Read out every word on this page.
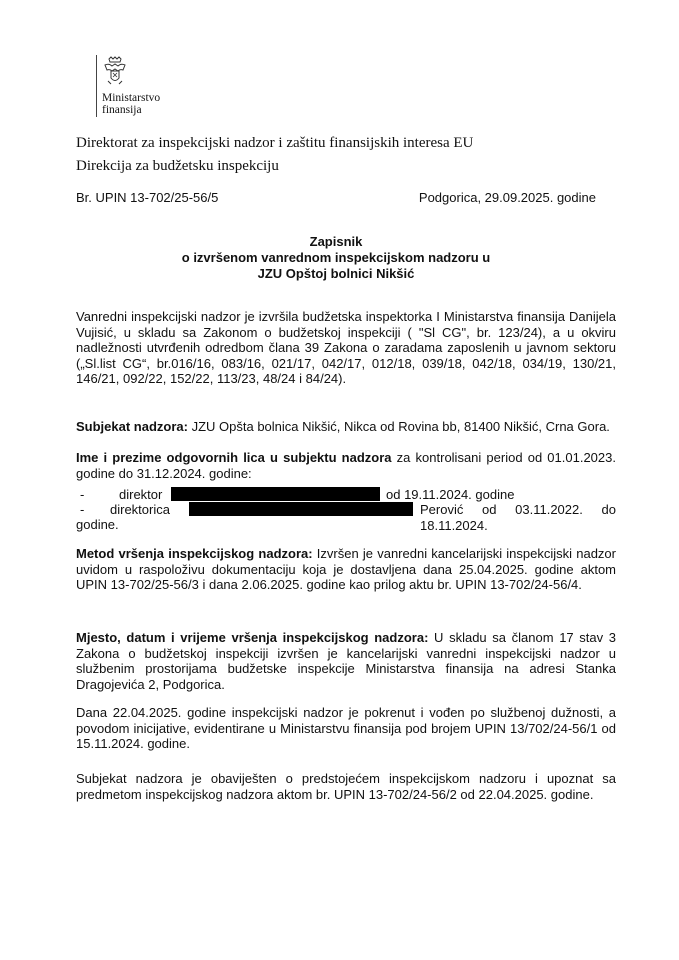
Ministarstvo
finansija
Direktorat za inspekcijski nadzor i zaštitu finansijskih interesa EU
Direkcija za budžetsku inspekciju
Br. UPIN 13-702/25-56/5	Podgorica, 29.09.2025. godine
Zapisnik
o izvršenom vanrednom inspekcijskom nadzoru u
JZU Opštoj bolnici Nikšić
Vanredni inspekcijski nadzor je izvršila budžetska inspektorka I Ministarstva finansija Danijela Vujisić, u skladu sa Zakonom o budžetskoj inspekciji ( "Sl CG", br. 123/24), a u okviru nadležnosti utvrđenih odredbom člana 39 Zakona o zaradama zaposlenih u javnom sektoru („Sl.list CG“, br.016/16, 083/16, 021/17, 042/17, 012/18, 039/18, 042/18, 034/19, 130/21, 146/21, 092/22, 152/22, 113/23, 48/24 i 84/24).
Subjekat nadzora: JZU Opšta bolnica Nikšić, Nikca od Rovina bb, 81400 Nikšić, Crna Gora.
Ime i prezime odgovornih lica u subjektu nadzora za kontrolisani period od 01.01.2023. godine do 31.12.2024. godine:
-	direktor	od 19.11.2024. godine
- direktorica	Perović od 03.11.2022. do 18.11.2024.
godine.
Metod vršenja inspekcijskog nadzora: Izvršen je vanredni kancelarijski inspekcijski nadzor uvidom u raspoloživu dokumentaciju koja je dostavljena dana 25.04.2025. godine aktom UPIN 13-702/25-56/3 i dana 2.06.2025. godine kao prilog aktu br. UPIN 13-702/24-56/4.
Mjesto, datum i vrijeme vršenja inspekcijskog nadzora: U skladu sa članom 17 stav 3 Zakona o budžetskoj inspekciji izvršen je kancelarijski vanredni inspekcijski nadzor u službenim prostorijama budžetske inspekcije Ministarstva finansija na adresi Stanka Dragojevića 2, Podgorica.
Dana 22.04.2025. godine inspekcijski nadzor je pokrenut i vođen po službenoj dužnosti, a povodom inicijative, evidentirane u Ministarstvu finansija pod brojem UPIN 13/702/24-56/1 od 15.11.2024. godine.
Subjekat nadzora je obaviješten o predstojećem inspekcijskom nadzoru i upoznat sa predmetom inspekcijskog nadzora aktom br. UPIN 13-702/24-56/2 od 22.04.2025. godine.
